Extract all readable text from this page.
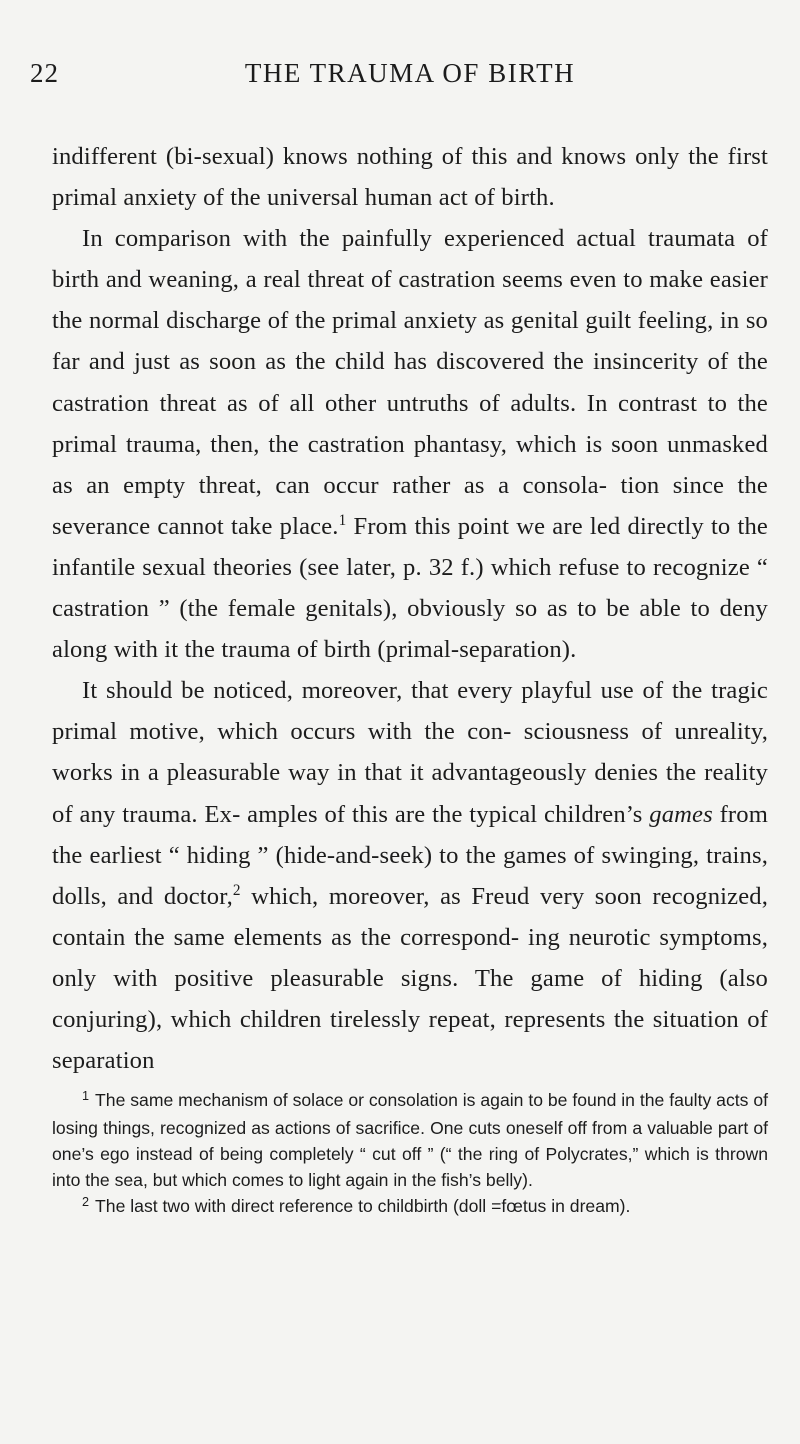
22	THE TRAUMA OF BIRTH

indifferent (bi-sexual) knows nothing of this and knows only the first primal anxiety of the universal human act of birth.

In comparison with the painfully experienced actual traumata of birth and weaning, a real threat of castration seems even to make easier the normal discharge of the primal anxiety as genital guilt feeling, in so far and just as soon as the child has discovered the insincerity of the castration threat as of all other untruths of adults. In contrast to the primal trauma, then, the castration phantasy, which is soon unmasked as an empty threat, can occur rather as a consola- tion since the severance cannot take place.$^1$ From this point we are led directly to the infantile sexual theories (see later, p. 32 f.) which refuse to recognize “ castration ” (the female genitals), obviously so as to be able to deny along with it the trauma of birth (primal-separation).

It should be noticed, moreover, that every playful use of the tragic primal motive, which occurs with the con- sciousness of unreality, works in a pleasurable way in that it advantageously denies the reality of any trauma. Ex- amples of this are the typical children’s games from the earliest “ hiding ” (hide-and-seek) to the games of swinging, trains, dolls, and doctor,$^2$ which, moreover, as Freud very soon recognized, contain the same elements as the correspond- ing neurotic symptoms, only with positive pleasurable signs. The game of hiding (also conjuring), which children tirelessly repeat, represents the situation of separation

$^1$ The same mechanism of solace or consolation is again to be found in the faulty acts of losing things, recognized as actions of sacrifice. One cuts oneself off from a valuable part of one’s ego instead of being completely “ cut off ” (“ the ring of Polycrates,” which is thrown into the sea, but which comes to light again in the fish’s belly).

$^2$ The last two with direct reference to childbirth (doll =fœtus in dream).
